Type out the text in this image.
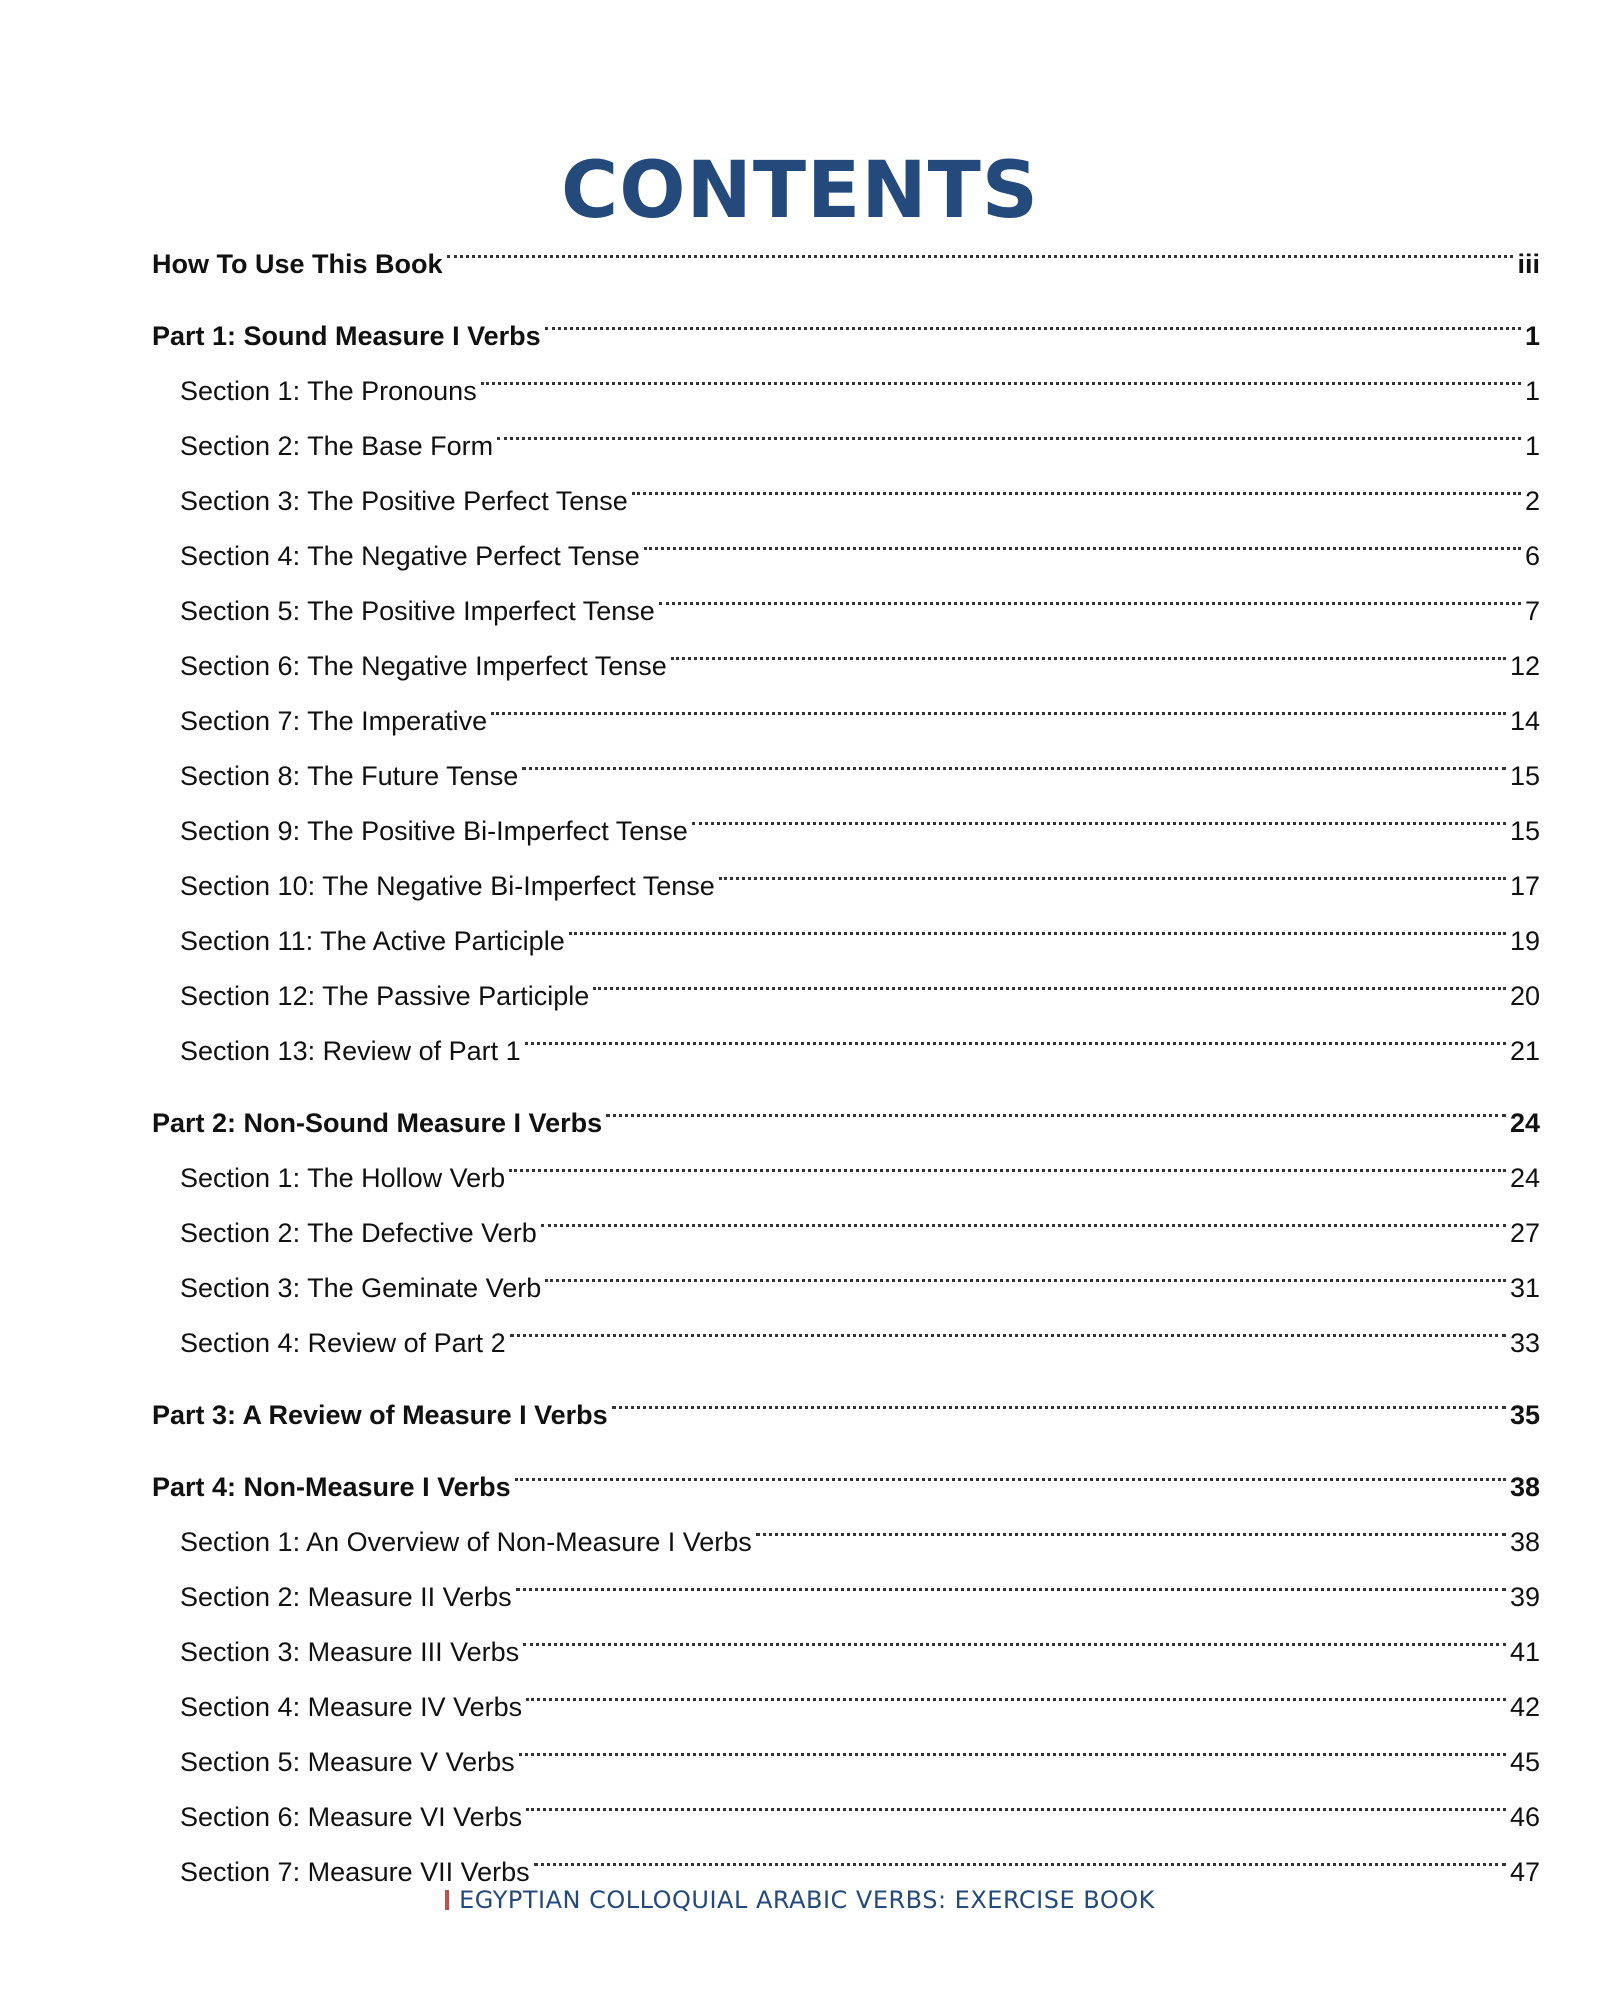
CONTENTS
How To Use This Book	iii
Part 1: Sound Measure I Verbs	1
Section 1: The Pronouns	1
Section 2: The Base Form	1
Section 3: The Positive Perfect Tense	2
Section 4: The Negative Perfect Tense	6
Section 5: The Positive Imperfect Tense	7
Section 6: The Negative Imperfect Tense	12
Section 7: The Imperative	14
Section 8: The Future Tense	15
Section 9: The Positive Bi-Imperfect Tense	15
Section 10: The Negative Bi-Imperfect Tense	17
Section 11: The Active Participle	19
Section 12: The Passive Participle	20
Section 13: Review of Part 1	21
Part 2: Non-Sound Measure I Verbs	24
Section 1: The Hollow Verb	24
Section 2: The Defective Verb	27
Section 3: The Geminate Verb	31
Section 4: Review of Part 2	33
Part 3: A Review of Measure I Verbs	35
Part 4: Non-Measure I Verbs	38
Section 1: An Overview of Non-Measure I Verbs	38
Section 2: Measure II Verbs	39
Section 3: Measure III Verbs	41
Section 4: Measure IV Verbs	42
Section 5: Measure V Verbs	45
Section 6: Measure VI Verbs	46
Section 7: Measure VII Verbs	47
EGYPTIAN COLLOQUIAL ARABIC VERBS: EXERCISE BOOK
